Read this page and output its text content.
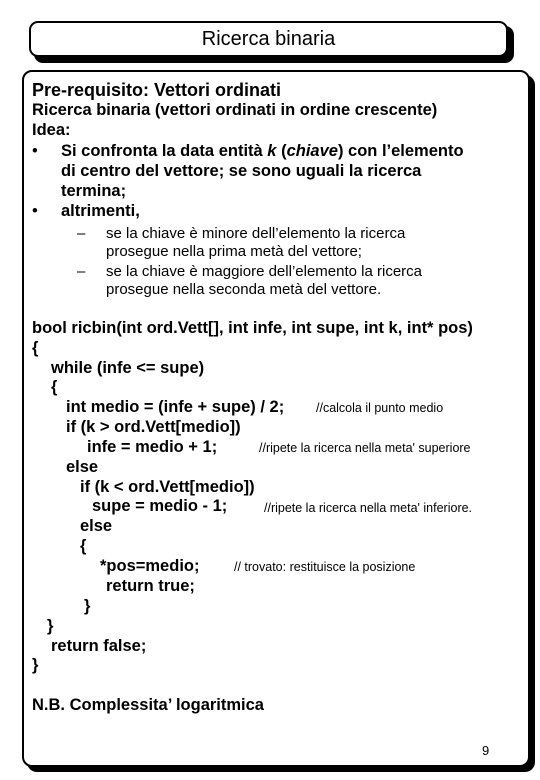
Ricerca binaria
Pre-requisito: Vettori ordinati
Ricerca binaria (vettori ordinati in ordine crescente)
Idea:
• Si confronta la data entità k (chiave) con l’elemento
di centro del vettore; se sono uguali la ricerca
termina;
• altrimenti,
– se la chiave è minore dell’elemento la ricerca
prosegue nella prima metà del vettore;
– se la chiave è maggiore dell’elemento la ricerca
prosegue nella seconda metà del vettore.
bool ricbin(int ord.Vett[], int infe, int supe, int k, int* pos)
{
while (infe <= supe)
{
int medio = (infe + supe) / 2;	//calcola il punto medio
if (k > ord.Vett[medio])
infe = medio + 1;	//ripete la ricerca nella meta' superiore
else
if (k < ord.Vett[medio])
supe = medio - 1;	//ripete la ricerca nella meta' inferiore.
else
{
*pos=medio;	// trovato: restituisce la posizione
return true;
}
}
return false;
}
N.B. Complessita’ logaritmica
9
